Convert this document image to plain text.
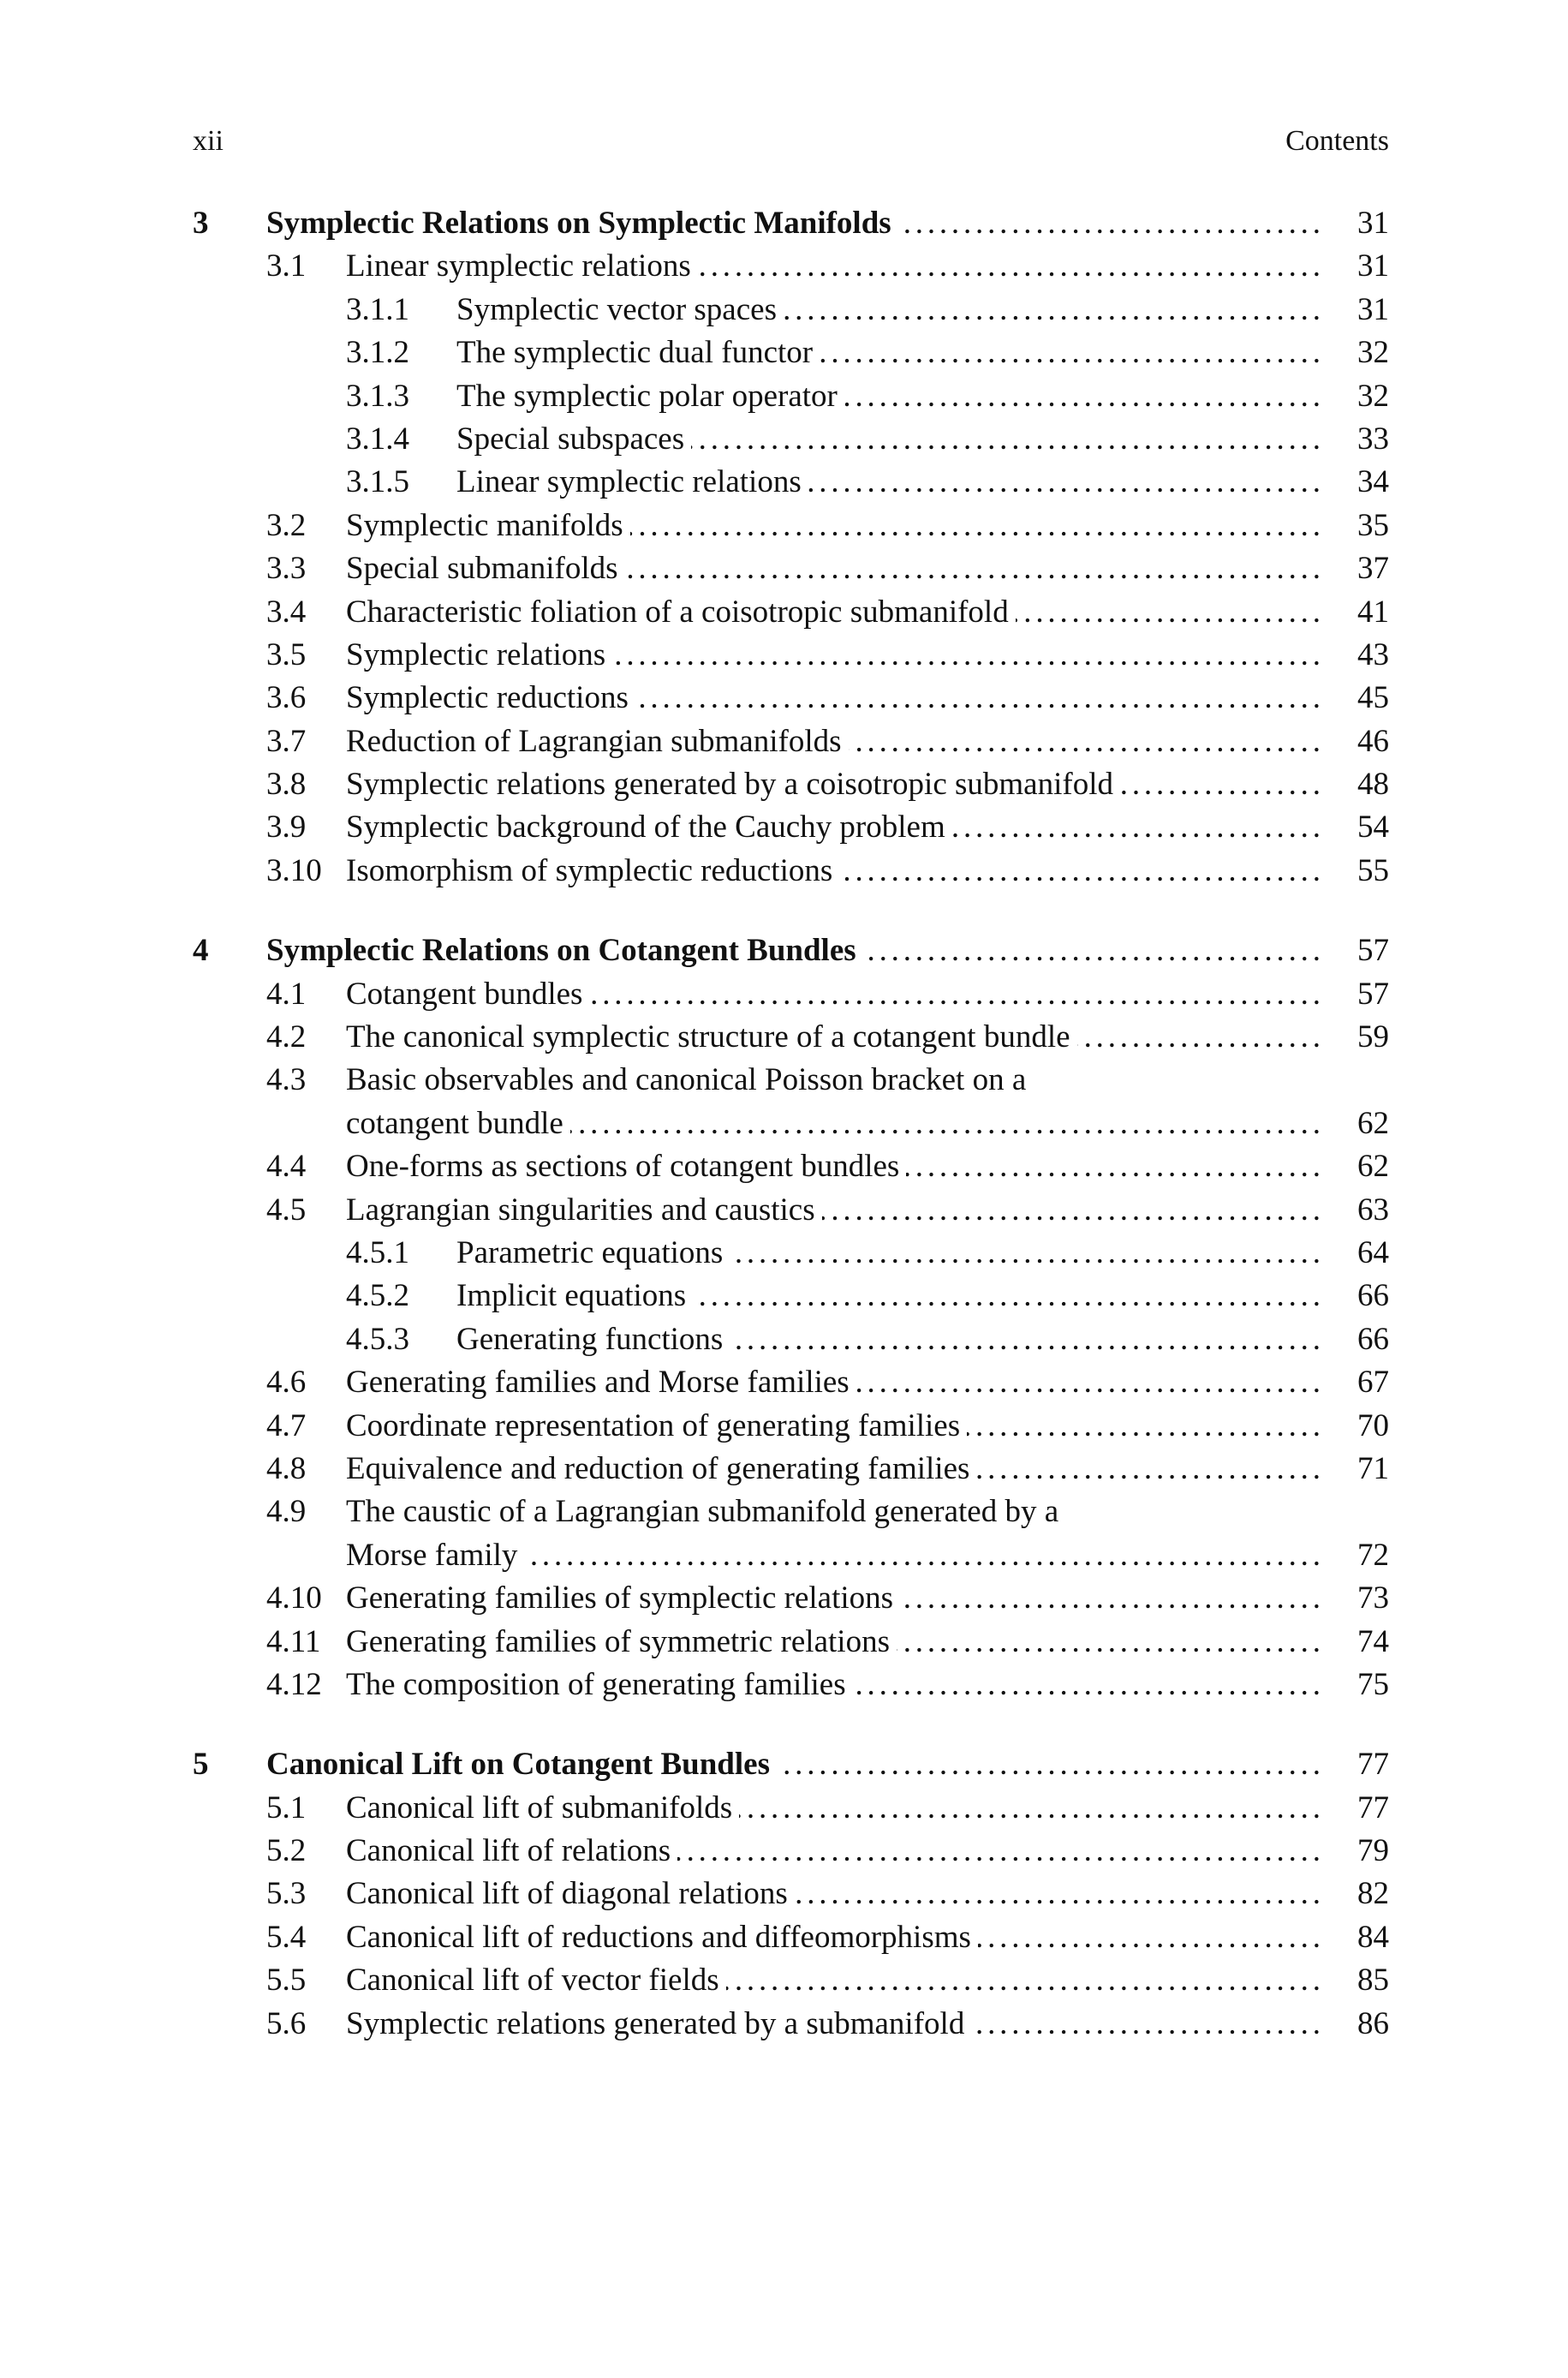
xii	Contents
3 Symplectic Relations on Symplectic Manifolds . . .	31
3.1 Linear symplectic relations . . .	31
3.1.1 Symplectic vector spaces . . .	31
3.1.2 The symplectic dual functor . . .	32
3.1.3 The symplectic polar operator . . .	32
3.1.4 Special subspaces . . .	33
3.1.5 Linear symplectic relations . . .	34
3.2 Symplectic manifolds . . .	35
3.3 Special submanifolds . . .	37
3.4 Characteristic foliation of a coisotropic submanifold . . .	41
3.5 Symplectic relations . . .	43
3.6 Symplectic reductions . . .	45
3.7 Reduction of Lagrangian submanifolds . . .	46
3.8 Symplectic relations generated by a coisotropic submanifold . . .	48
3.9 Symplectic background of the Cauchy problem . . .	54
3.10 Isomorphism of symplectic reductions . . .	55
4 Symplectic Relations on Cotangent Bundles . . .	57
4.1 Cotangent bundles . . .	57
4.2 The canonical symplectic structure of a cotangent bundle . . .	59
4.3 Basic observables and canonical Poisson bracket on a
cotangent bundle . . .	62
4.4 One-forms as sections of cotangent bundles . . .	62
4.5 Lagrangian singularities and caustics . . .	63
4.5.1 Parametric equations . . .	64
4.5.2 Implicit equations . . .	66
4.5.3 Generating functions . . .	66
4.6 Generating families and Morse families . . .	67
4.7 Coordinate representation of generating families . . .	70
4.8 Equivalence and reduction of generating families . . .	71
4.9 The caustic of a Lagrangian submanifold generated by a
Morse family . . .	72
4.10 Generating families of symplectic relations . . .	73
4.11 Generating families of symmetric relations . . .	74
4.12 The composition of generating families . . .	75
5 Canonical Lift on Cotangent Bundles . . .	77
5.1 Canonical lift of submanifolds . . .	77
5.2 Canonical lift of relations . . .	79
5.3 Canonical lift of diagonal relations . . .	82
5.4 Canonical lift of reductions and diffeomorphisms . . .	84
5.5 Canonical lift of vector fields . . .	85
5.6 Symplectic relations generated by a submanifold . . .	86
